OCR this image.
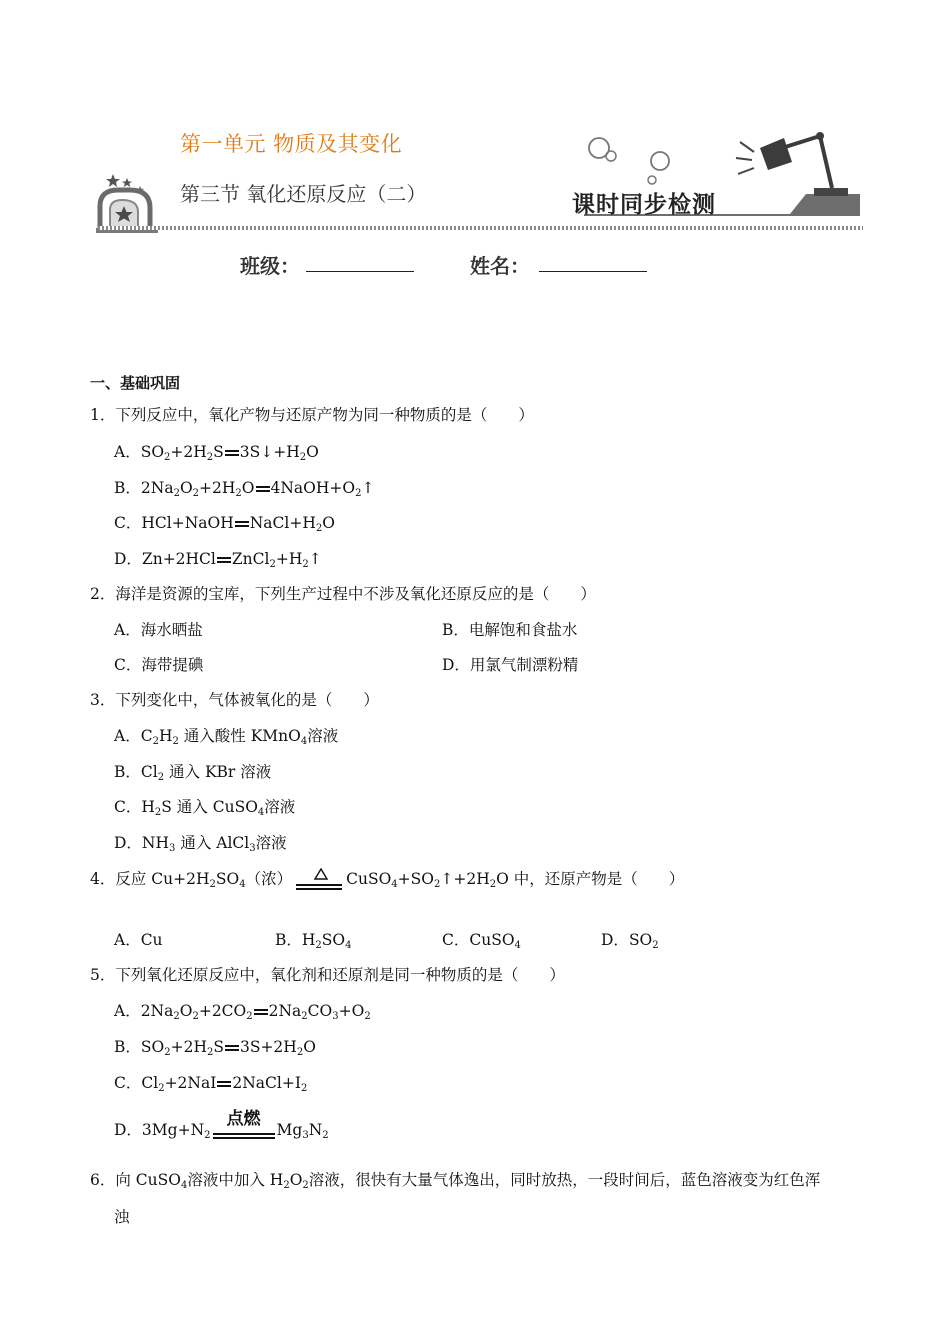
第一单元 物质及其变化
第三节 氧化还原反应（二）	课时同步检测
班级：	姓名：
一、基础巩固
1．下列反应中，氧化产物与还原产物为同一种物质的是（　　）
A．$SO_2+2H_2S$ $3S↓+H_2O$
B．$2Na_2O_2+2H_2O$ $4NaOH+O_2↑$
C．HCl+NaOH $NaCl+H_2O$
D．Zn+2HCl $ZnCl_2+H_2↑$
2．海洋是资源的宝库，下列生产过程中不涉及氧化还原反应的是（　　）
A．海水晒盐	B．电解饱和食盐水
C．海带提碘	D．用氯气制漂粉精
3．下列变化中，气体被氧化的是（　　）
A．$C_2H_2$ 通入酸性 KMnO$_4$溶液
B．$Cl_2$ 通入 KBr 溶液
C．$H_2S$ 通入 CuSO$_4$溶液
D．$NH_3$ 通入 AlCl$_3$溶液
4．反应 $Cu+2H_2SO_4$（浓）	$CuSO_4+SO_2↑+2H_2O$ 中，还原产物是（　　）
A．Cu	B．$H_2SO_4$	C．CuSO$_4$	D．$SO_2$
5．下列氧化还原反应中，氧化剂和还原剂是同一种物质的是（　　）
A．$2Na_2O_2+2CO_2$ $2Na_2CO_3+O_2$
B．$SO_2+2H_2S$ $3S+2H_2O$
C．$Cl_2+2NaI$ $2NaCl+I_2$
D．$3Mg+N_2$
点燃
$Mg_3N_2$
6．向 CuSO$_4$溶液中加入 $H_2O_2$溶液，很快有大量气体逸出，同时放热，一段时间后，蓝色溶液变为红色浑
浊
